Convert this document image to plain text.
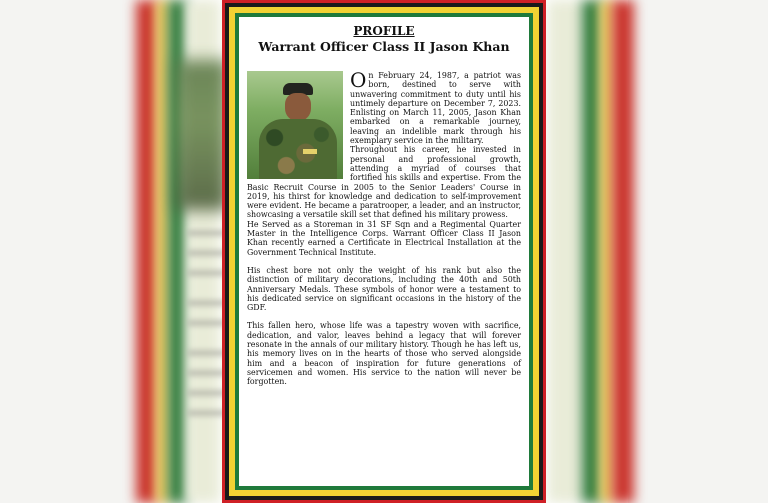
PROFILE
Warrant Officer Class II Jason Khan

On February 24, 1987, a patriot was born, destined to serve with unwavering commitment to duty until his untimely departure on December 7, 2023. Enlisting on March 11, 2005, Jason Khan embarked on a remarkable journey, leaving an indelible mark through his exemplary service in the military.

Throughout his career, he invested in personal and professional growth, attending a myriad of courses that fortified his skills and expertise. From the Basic Recruit Course in 2005 to the Senior Leaders' Course in 2019, his thirst for knowledge and dedication to self-improvement were evident. He became a paratrooper, a leader, and an instructor, showcasing a versatile skill set that defined his military prowess.

He Served as a Storeman in 31 SF Sqn and a Regimental Quarter Master in the Intelligence Corps. Warrant Officer Class II Jason Khan recently earned a Certificate in Electrical Installation at the Government Technical Institute.

His chest bore not only the weight of his rank but also the distinction of military decorations, including the 40th and 50th Anniversary Medals. These symbols of honor were a testament to his dedicated service on significant occasions in the history of the GDF.

This fallen hero, whose life was a tapestry woven with sacrifice, dedication, and valor, leaves behind a legacy that will forever resonate in the annals of our military history. Though he has left us, his memory lives on in the hearts of those who served alongside him and a beacon of inspiration for future generations of servicemen and women. His service to the nation will never be forgotten.
